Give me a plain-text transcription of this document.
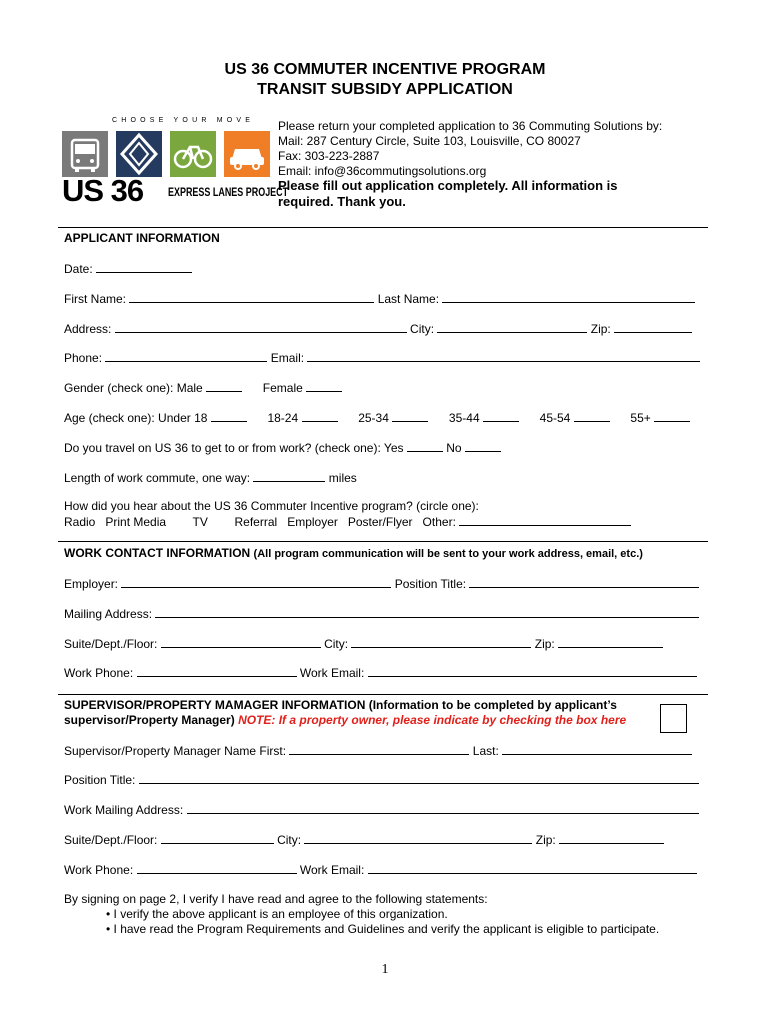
US 36 COMMUTER INCENTIVE PROGRAM
TRANSIT SUBSIDY APPLICATION
CHOOSE YOUR MOVE
US 36 EXPRESS LANES PROJECT
Please return your completed application to 36 Commuting Solutions by:
Mail: 287 Century Circle, Suite 103, Louisville, CO 80027
Fax: 303-223-2887
Email: info@36commutingsolutions.org
Please fill out application completely. All information is
required. Thank you.
APPLICANT INFORMATION
Date:
First Name:	Last Name:
Address:	City:	Zip:
Phone:	Email:
Gender (check one): Male	Female
Age (check one): Under 18	18-24	25-34	35-44	45-54	55+
Do you travel on US 36 to get to or from work? (check one): Yes	No
Length of work commute, one way:	miles
How did you hear about the US 36 Commuter Incentive program? (circle one):
Radio   Print Media        TV        Referral   Employer   Poster/Flyer   Other:
WORK CONTACT INFORMATION (All program communication will be sent to your work address, email, etc.)
Employer:	Position Title:
Mailing Address:
Suite/Dept./Floor:	City:	Zip:
Work Phone:	Work Email:
SUPERVISOR/PROPERTY MAMAGER INFORMATION (Information to be completed by applicant’s
supervisor/Property Manager) NOTE: If a property owner, please indicate by checking the box here
Supervisor/Property Manager Name First:	Last:
Position Title:
Work Mailing Address:
Suite/Dept./Floor:	City:	Zip:
Work Phone:	Work Email:
By signing on page 2, I verify I have read and agree to the following statements:
• I verify the above applicant is an employee of this organization.
• I have read the Program Requirements and Guidelines and verify the applicant is eligible to participate.
1
